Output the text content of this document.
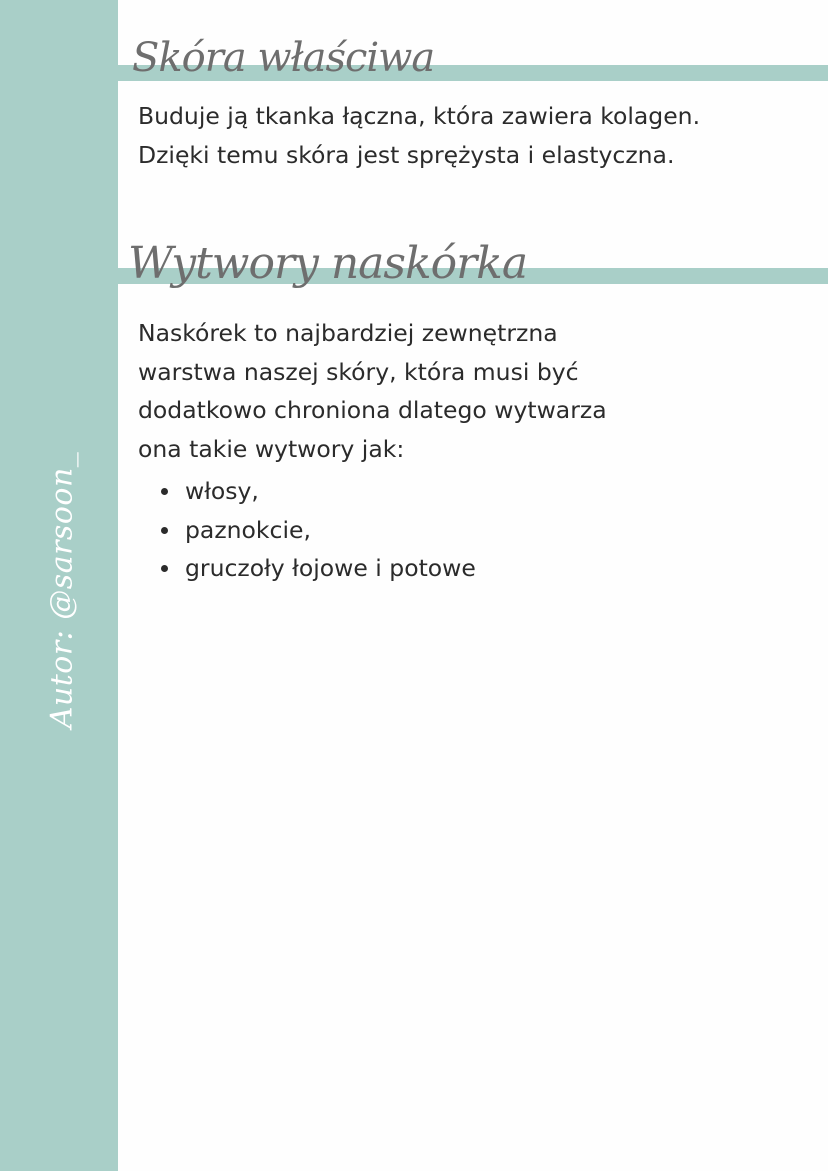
Autor: @sarsoon_
Skóra właściwa
Buduje ją tkanka łączna, która zawiera kolagen. Dzięki temu skóra jest sprężysta i elastyczna.
Wytwory naskórka
Naskórek to najbardziej zewnętrzna warstwa naszej skóry, która musi być dodatkowo chroniona dlatego wytwarza ona takie wytwory jak:
włosy,
paznokcie,
gruczoły łojowe i potowe
